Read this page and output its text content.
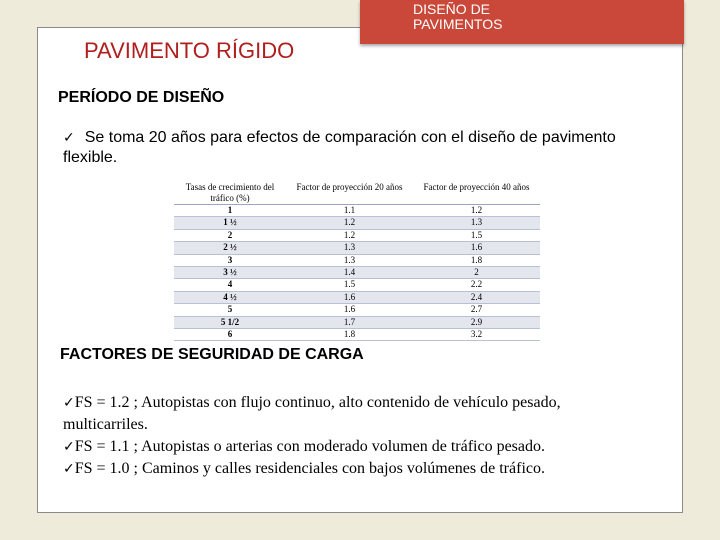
DISEÑO DE PAVIMENTOS
PAVIMENTO RÍGIDO
PERÍODO DE DISEÑO
✓ Se toma 20 años para efectos de comparación con el diseño de pavimento flexible.
Tasas de crecimiento del tráfico (%)	Factor de proyección 20 años	Factor de proyección 40 años
1	1.1	1.2
1 ½	1.2	1.3
2	1.2	1.5
2 ½	1.3	1.6
3	1.3	1.8
3 ½	1.4	2
4	1.5	2.2
4 ½	1.6	2.4
5	1.6	2.7
5 1/2	1.7	2.9
6	1.8	3.2
FACTORES DE SEGURIDAD DE CARGA
✓FS = 1.2 ; Autopistas con flujo continuo, alto contenido de vehículo pesado, multicarriles.
✓FS = 1.1 ; Autopistas o arterias con moderado volumen de tráfico pesado.
✓FS = 1.0 ; Caminos y calles residenciales con bajos volúmenes de tráfico.
